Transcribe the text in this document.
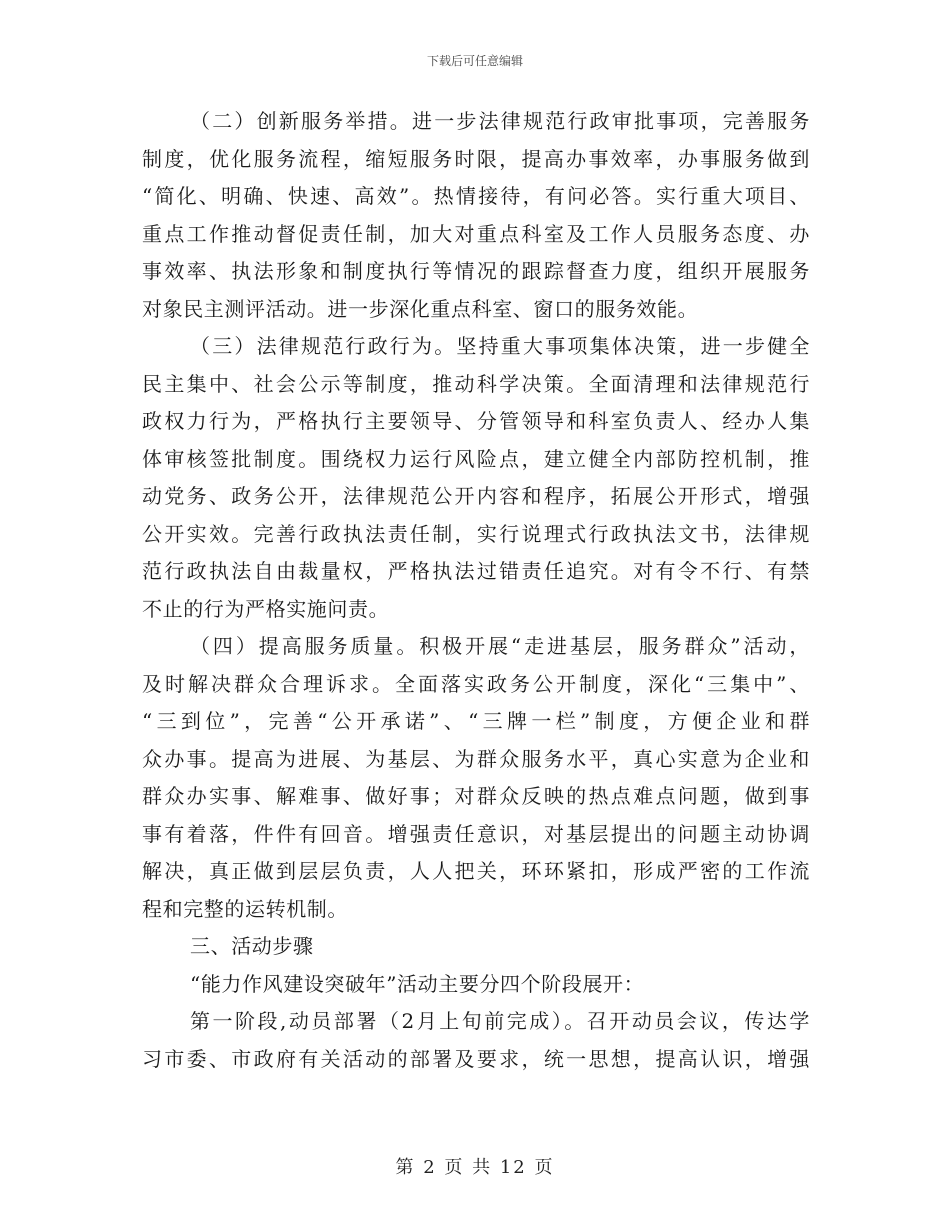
下载后可任意编辑
（二）创新服务举措。进一步法律规范行政审批事项，完善服务
制度，优化服务流程，缩短服务时限，提高办事效率，办事服务做到
“简化、明确、快速、高效”。热情接待，有问必答。实行重大项目、
重点工作推动督促责任制，加大对重点科室及工作人员服务态度、办
事效率、执法形象和制度执行等情况的跟踪督查力度，组织开展服务
对象民主测评活动。进一步深化重点科室、窗口的服务效能。
（三）法律规范行政行为。坚持重大事项集体决策，进一步健全
民主集中、社会公示等制度，推动科学决策。全面清理和法律规范行
政权力行为，严格执行主要领导、分管领导和科室负责人、经办人集
体审核签批制度。围绕权力运行风险点，建立健全内部防控机制，推
动党务、政务公开，法律规范公开内容和程序，拓展公开形式，增强
公开实效。完善行政执法责任制，实行说理式行政执法文书，法律规
范行政执法自由裁量权，严格执法过错责任追究。对有令不行、有禁
不止的行为严格实施问责。
（四）提高服务质量。积极开展“走进基层，服务群众”活动，
及时解决群众合理诉求。全面落实政务公开制度，深化“三集中”、
“三到位”，完善“公开承诺”、“三牌一栏”制度，方便企业和群
众办事。提高为进展、为基层、为群众服务水平，真心实意为企业和
群众办实事、解难事、做好事；对群众反映的热点难点问题，做到事
事有着落，件件有回音。增强责任意识，对基层提出的问题主动协调
解决，真正做到层层负责，人人把关，环环紧扣，形成严密的工作流
程和完整的运转机制。
三、活动步骤
“能力作风建设突破年”活动主要分四个阶段展开：
第一阶段,动员部署（2月上旬前完成）。召开动员会议，传达学
习市委、市政府有关活动的部署及要求，统一思想，提高认识，增强
第 2 页 共 12 页
